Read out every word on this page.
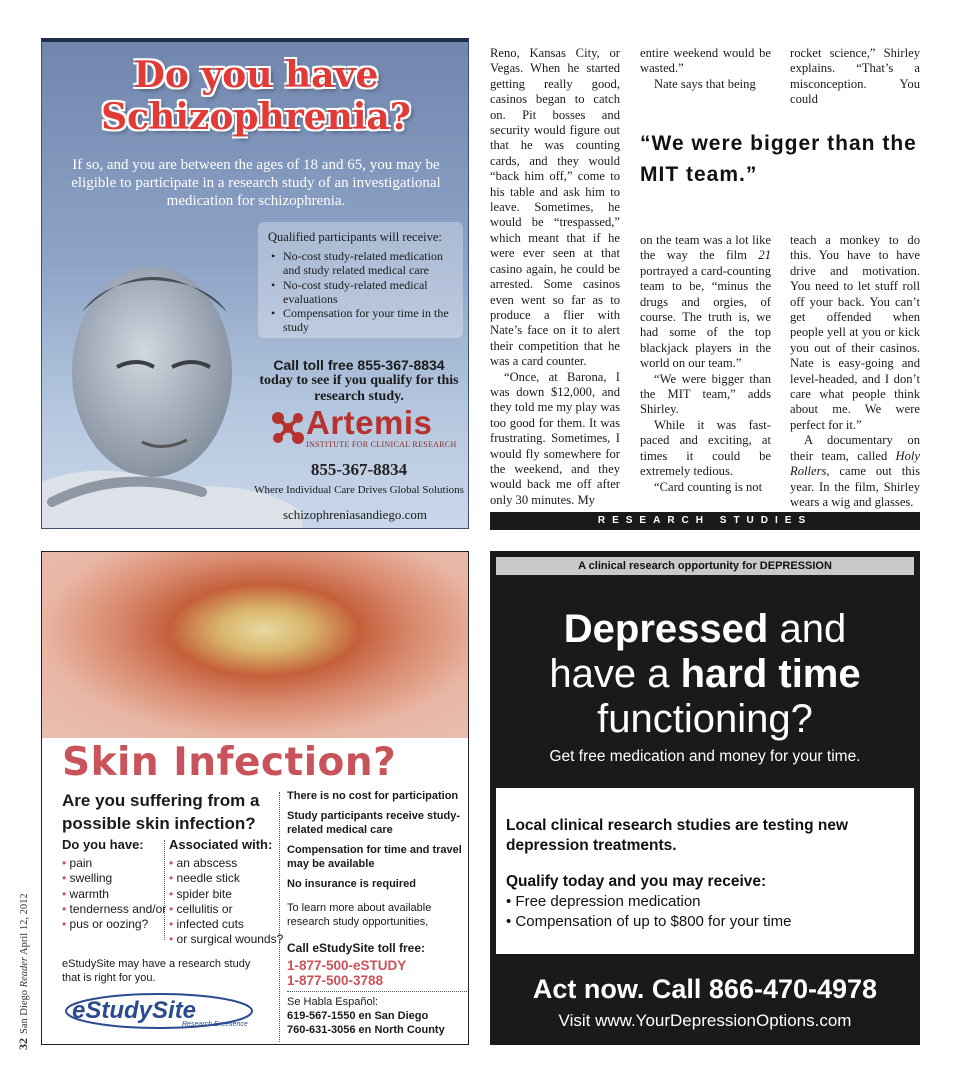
32San Diego Reader April 12, 2012
Do you have Schizophrenia?
If so, and you are between the ages of 18 and 65, you may be eligible to participate in a research study of an investigational medication for schizophrenia.
Qualified participants will receive:
• No-cost study-related medication and study related medical care
• No-cost study-related medical evaluations
• Compensation for your time in the study
Call toll free 855-367-8834
today to see if you qualify for this research study.
Artemis
INSTITUTE FOR CLINICAL RESEARCH
855-367-8834
Where Individual Care Drives Global Solutions
schizophreniasandiego.com

Reno, Kansas City, or Vegas. When he started getting really good, casinos began to catch on. Pit bosses and security would figure out that he was counting cards, and they would “back him off,” come to his table and ask him to leave. Sometimes, he would be “trespassed,” which meant that if he were ever seen at that casino again, he could be arrested. Some casinos even went so far as to produce a flier with Nate’s face on it to alert their competition that he was a card counter.

“Once, at Barona, I was down $12,000, and they told me my play was too good for them. It was frustrating. Sometimes, I would fly somewhere for the weekend, and they would back me off after only 30 minutes. My

entire weekend would be wasted.”

Nate says that being

rocket science,” Shirley explains. “That’s a misconception. You could

“We were bigger than the MIT team.”

on the team was a lot like the way the film 21 portrayed a card-counting team to be, “minus the drugs and orgies, of course. The truth is, we had some of the top blackjack players in the world on our team.”

“We were bigger than the MIT team,” adds Shirley.

While it was fast-paced and exciting, at times it could be extremely tedious.

“Card counting is not

teach a monkey to do this. You have to have drive and motivation. You need to let stuff roll off your back. You can’t get offended when people yell at you or kick you out of their casinos. Nate is easy-going and level-headed, and I don’t care what people think about me. We were perfect for it.”

A documentary on their team, called Holy Rollers, came out this year. In the film, Shirley wears a wig and glasses.

RESEARCH STUDIES
Skin Infection?
Are you suffering from a possible skin infection?
Do you have: Associated with:
• pain
• swelling
• warmth
• tenderness and/or
• pus or oozing?
• an abscess
• needle stick
• spider bite
• cellulitis or
• infected cuts
• or surgical wounds?
eStudySite may have a research study that is right for you.
eStudySite
Research Excellence
There is no cost for participation
Study participants receive study-related medical care
Compensation for time and travel may be available
No insurance is required
To learn more about available research study opportunities,
Call eStudySite toll free:
1-877-500-eSTUDY
1-877-500-3788
Se Habla Español:
619-567-1550 en San Diego
760-631-3056 en North County
A clinical research opportunity for DEPRESSION
Depressed and
have a hard time
functioning?
Get free medication and money for your time.
Local clinical research studies are testing new depression treatments.
Qualify today and you may receive:
• Free depression medication
• Compensation of up to $800 for your time
Act now. Call 866-470-4978
Visit www.YourDepressionOptions.com
